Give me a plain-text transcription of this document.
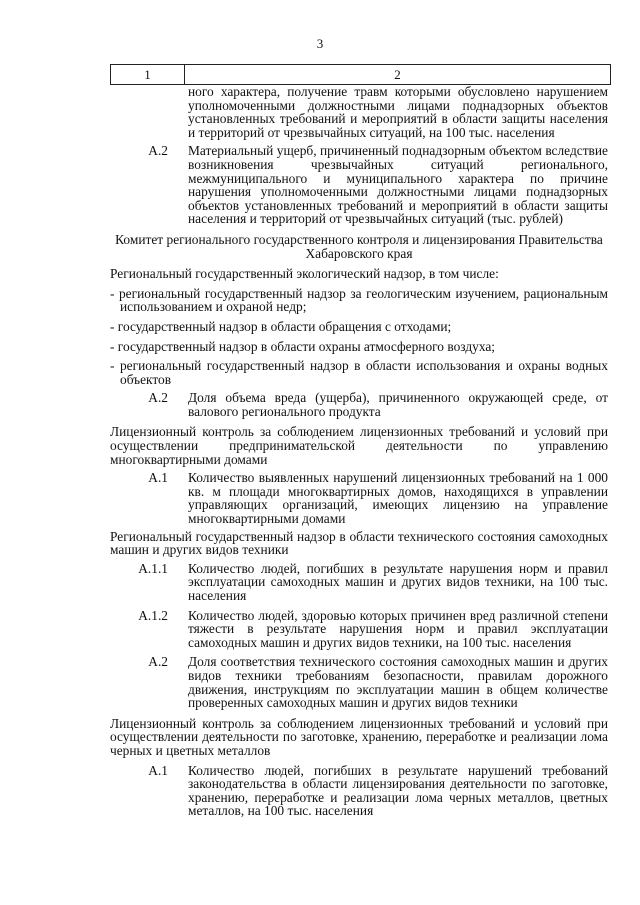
3
1	2
ного характера, получение травм которыми обусловлено нарушением уполномоченными должностными лицами поднадзорных объектов установленных требований и мероприятий в области защиты населения и территорий от чрезвычайных ситуаций, на 100 тыс. населения
А.2	Материальный ущерб, причиненный поднадзорным объектом вследствие возникновения чрезвычайных ситуаций регионального, межмуниципального и муниципального характера по причине нарушения уполномоченными должностными лицами поднадзорных объектов установленных требований и мероприятий в области защиты населения и территорий от чрезвычайных ситуаций (тыс. рублей)
Комитет регионального государственного контроля и лицензирования Правительства Хабаровского края
Региональный государственный экологический надзор, в том числе:
- региональный государственный надзор за геологическим изучением, рациональным использованием и охраной недр;
- государственный надзор в области обращения с отходами;
- государственный надзор в области охраны атмосферного воздуха;
- региональный государственный надзор в области использования и охраны водных объектов
А.2	Доля объема вреда (ущерба), причиненного окружающей среде, от валового регионального продукта
Лицензионный контроль за соблюдением лицензионных требований и условий при осуществлении предпринимательской деятельности по управлению многоквартирными домами
А.1	Количество выявленных нарушений лицензионных требований на 1 000 кв. м площади многоквартирных домов, находящихся в управлении управляющих организаций, имеющих лицензию на управление многоквартирными домами
Региональный государственный надзор в области технического состояния самоходных машин и других видов техники
А.1.1	Количество людей, погибших в результате нарушения норм и правил эксплуатации самоходных машин и других видов техники, на 100 тыс. населения
А.1.2	Количество людей, здоровью которых причинен вред различной степени тяжести в результате нарушения норм и правил эксплуатации самоходных машин и других видов техники, на 100 тыс. населения
А.2	Доля соответствия технического состояния самоходных машин и других видов техники требованиям безопасности, правилам дорожного движения, инструкциям по эксплуатации машин в общем количестве проверенных самоходных машин и других видов техники
Лицензионный контроль за соблюдением лицензионных требований и условий при осуществлении деятельности по заготовке, хранению, переработке и реализации лома черных и цветных металлов
А.1	Количество людей, погибших в результате нарушений требований законодательства в области лицензирования деятельности по заготовке, хранению, переработке и реализации лома черных металлов, цветных металлов, на 100 тыс. населения
